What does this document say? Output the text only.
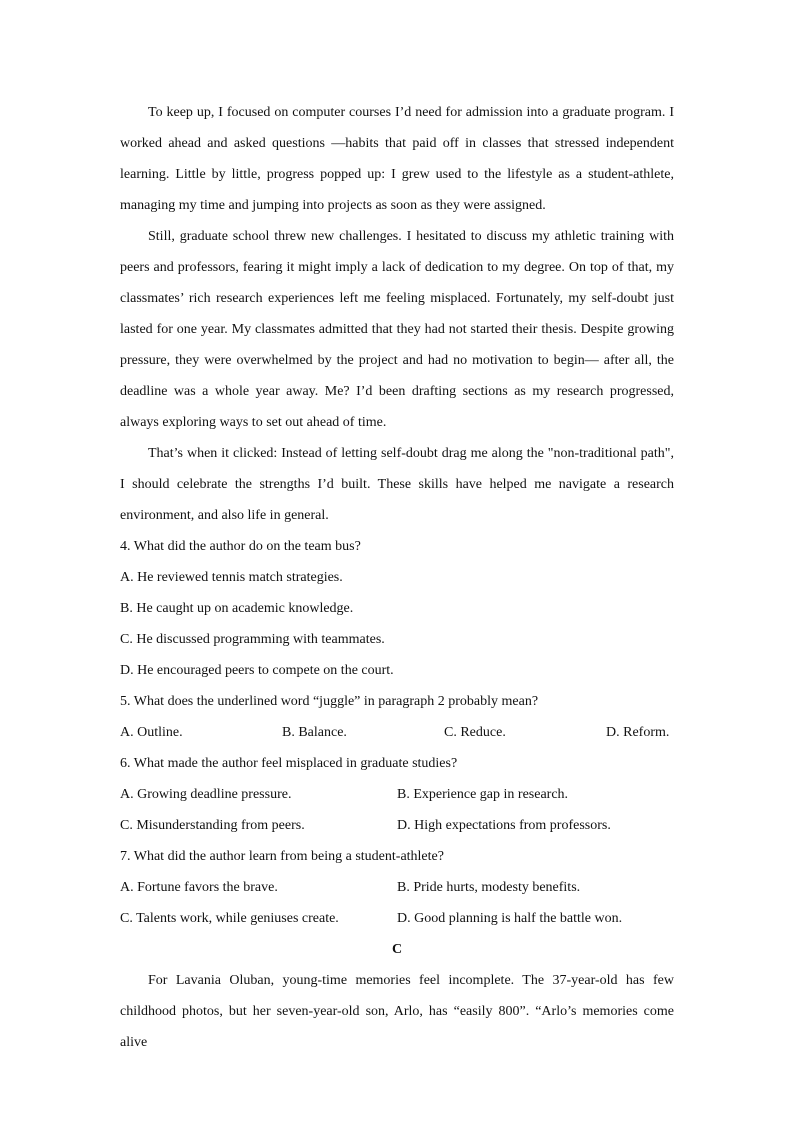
To keep up, I focused on computer courses I’d need for admission into a graduate program. I worked ahead and asked questions —habits that paid off in classes that stressed independent learning. Little by little, progress popped up: I grew used to the lifestyle as a student-athlete, managing my time and jumping into projects as soon as they were assigned.

Still, graduate school threw new challenges. I hesitated to discuss my athletic training with peers and professors, fearing it might imply a lack of dedication to my degree. On top of that, my classmates’ rich research experiences left me feeling misplaced. Fortunately, my self-doubt just lasted for one year. My classmates admitted that they had not started their thesis. Despite growing pressure, they were overwhelmed by the project and had no motivation to begin— after all, the deadline was a whole year away. Me? I’d been drafting sections as my research progressed, always exploring ways to set out ahead of time.

That’s when it clicked: Instead of letting self-doubt drag me along the "non-traditional path", I should celebrate the strengths I’d built. These skills have helped me navigate a research environment, and also life in general.

4. What did the author do on the team bus?

A. He reviewed tennis match strategies.

B. He caught up on academic knowledge.

C. He discussed programming with teammates.

D. He encouraged peers to compete on the court.

5. What does the underlined word “juggle” in paragraph 2 probably mean?

A. Outline.	B. Balance.	C. Reduce.	D. Reform.

6. What made the author feel misplaced in graduate studies?

A. Growing deadline pressure.	B. Experience gap in research.
C. Misunderstanding from peers.	D. High expectations from professors.

7. What did the author learn from being a student-athlete?

A. Fortune favors the brave.	B. Pride hurts, modesty benefits.
C. Talents work, while geniuses create.	D. Good planning is half the battle won.

C

For Lavania Oluban, young-time memories feel incomplete. The 37-year-old has few childhood photos, but her seven-year-old son, Arlo, has “easily 800”. “Arlo’s memories come alive
